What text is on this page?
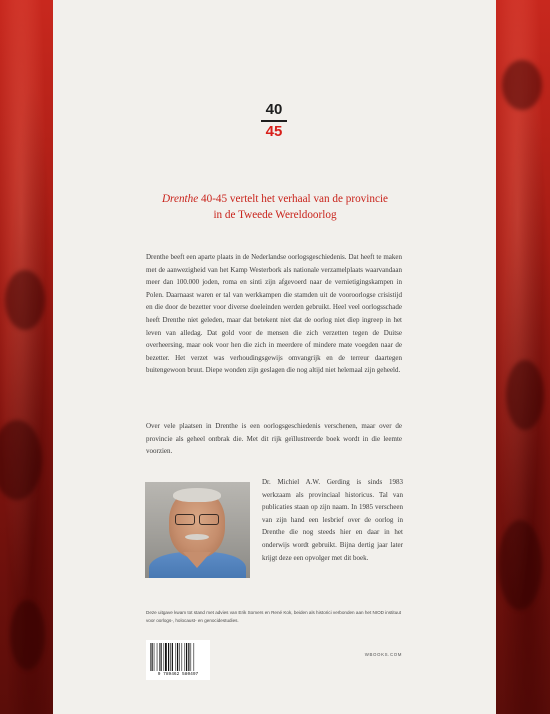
40
45
Drenthe 40-45 vertelt het verhaal van de provincie in de Tweede Wereldoorlog
Drenthe beeft een aparte plaats in de Nederlandse oorlogsgeschiedenis. Dat heeft te maken met de aanwezigheid van het Kamp Westerbork als nationale verzamelplaats waarvandaan meer dan 100.000 joden, roma en sinti zijn afgevoerd naar de vernietigingskampen in Polen. Daarnaast waren er tal van werkkampen die stamden uit de vooroorlogse crisistijd en die door de bezetter voor diverse doeleinden werden gebruikt. Heel veel oorlogsschade heeft Drenthe niet geleden, maar dat betekent niet dat de oorlog niet diep ingreep in het leven van alledag. Dat gold voor de mensen die zich verzetten tegen de Duitse overheersing, maar ook voor hen die zich in meerdere of mindere mate voegden naar de bezetter. Het verzet was verhoudingsgewijs omvangrijk en de terreur daartegen buitengewoon bruut. Diepe wonden zijn geslagen die nog altijd niet helemaal zijn geheeld.
Over vele plaatsen in Drenthe is een oorlogsgeschiedenis verschenen, maar over de provincie als geheel ontbrak die. Met dit rijk geïllustreerde boek wordt in die leemte voorzien.
Dr. Michiel A.W. Gerding is sinds 1983 werkzaam als provinciaal historicus. Tal van publicaties staan op zijn naam. In 1985 verscheen van zijn hand een lesbrief over de oorlog in Drenthe die nog steeds hier en daar in het onderwijs wordt gebruikt. Bijna dertig jaar later krijgt deze een opvolger met dit boek.
Deze uitgave kwam tot stand met advies van Erik Somers en René Kok, beiden als historici verbonden aan het NIOD instituut voor oorlogs-, holocaust- en genocidestudies.
9 789462 580497
WBOOKS.COM
